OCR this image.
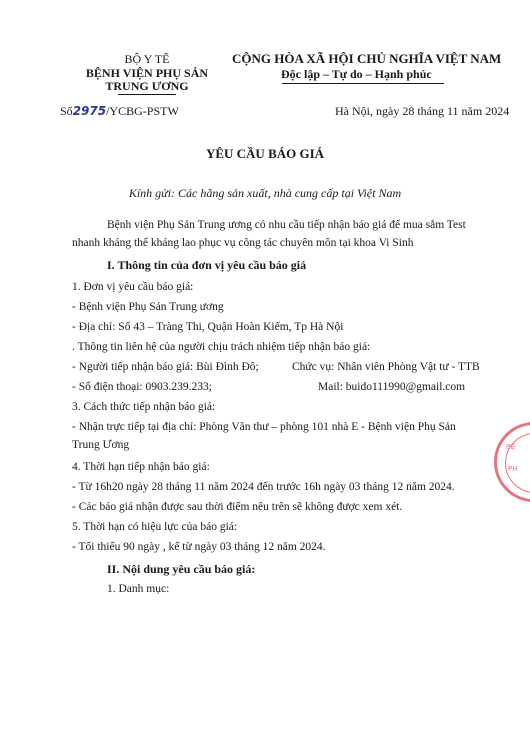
BỘ Y TẾ
BỆNH VIỆN PHỤ SẢN
TRUNG ƯƠNG
Số2975/YCBG-PSTW
CỘNG HÒA XÃ HỘI CHỦ NGHĨA VIỆT NAM
Độc lập – Tự do – Hạnh phúc
Hà Nội, ngày 28 tháng 11 năm 2024
YÊU CẦU BÁO GIÁ
Kính gửi: Các hãng sản xuất, nhà cung cấp tại Việt Nam
Bệnh viện Phụ Sản Trung ương có nhu cầu tiếp nhận báo giá để mua sắm Test
nhanh kháng thể kháng lao phục vụ công tác chuyên môn tại khoa Vi Sinh
I. Thông tin của đơn vị yêu cầu báo giá
1. Đơn vị yêu cầu báo giá:
- Bệnh viện Phụ Sản Trung ương
- Địa chỉ: Số 43 – Tràng Thi, Quận Hoàn Kiếm, Tp Hà Nội
. Thông tin liên hệ của người chịu trách nhiệm tiếp nhận báo giá:
- Người tiếp nhận báo giá: Bùi Đình Đô;	Chức vụ: Nhân viên Phòng Vật tư - TTB
- Số điện thoại: 0903.239.233;	Mail: buido111990@gmail.com
3. Cách thức tiếp nhận báo giá:
- Nhận trực tiếp tại địa chỉ: Phòng Văn thư – phòng 101 nhà E - Bệnh viện Phụ Sản
Trung Ương
4. Thời hạn tiếp nhận báo giá:
- Từ 16h20 ngày 28 tháng 11 năm 2024 đến trước 16h ngày 03 tháng 12 năm 2024.
- Các báo giá nhận được sau thời điểm nêu trên sẽ không được xem xét.
5. Thời hạn có hiệu lực của báo giá:
- Tối thiểu 90 ngày , kể từ ngày 03 tháng 12 năm 2024.
II. Nội dung yêu cầu báo giá:
1. Danh mục:
BỆ
PH
